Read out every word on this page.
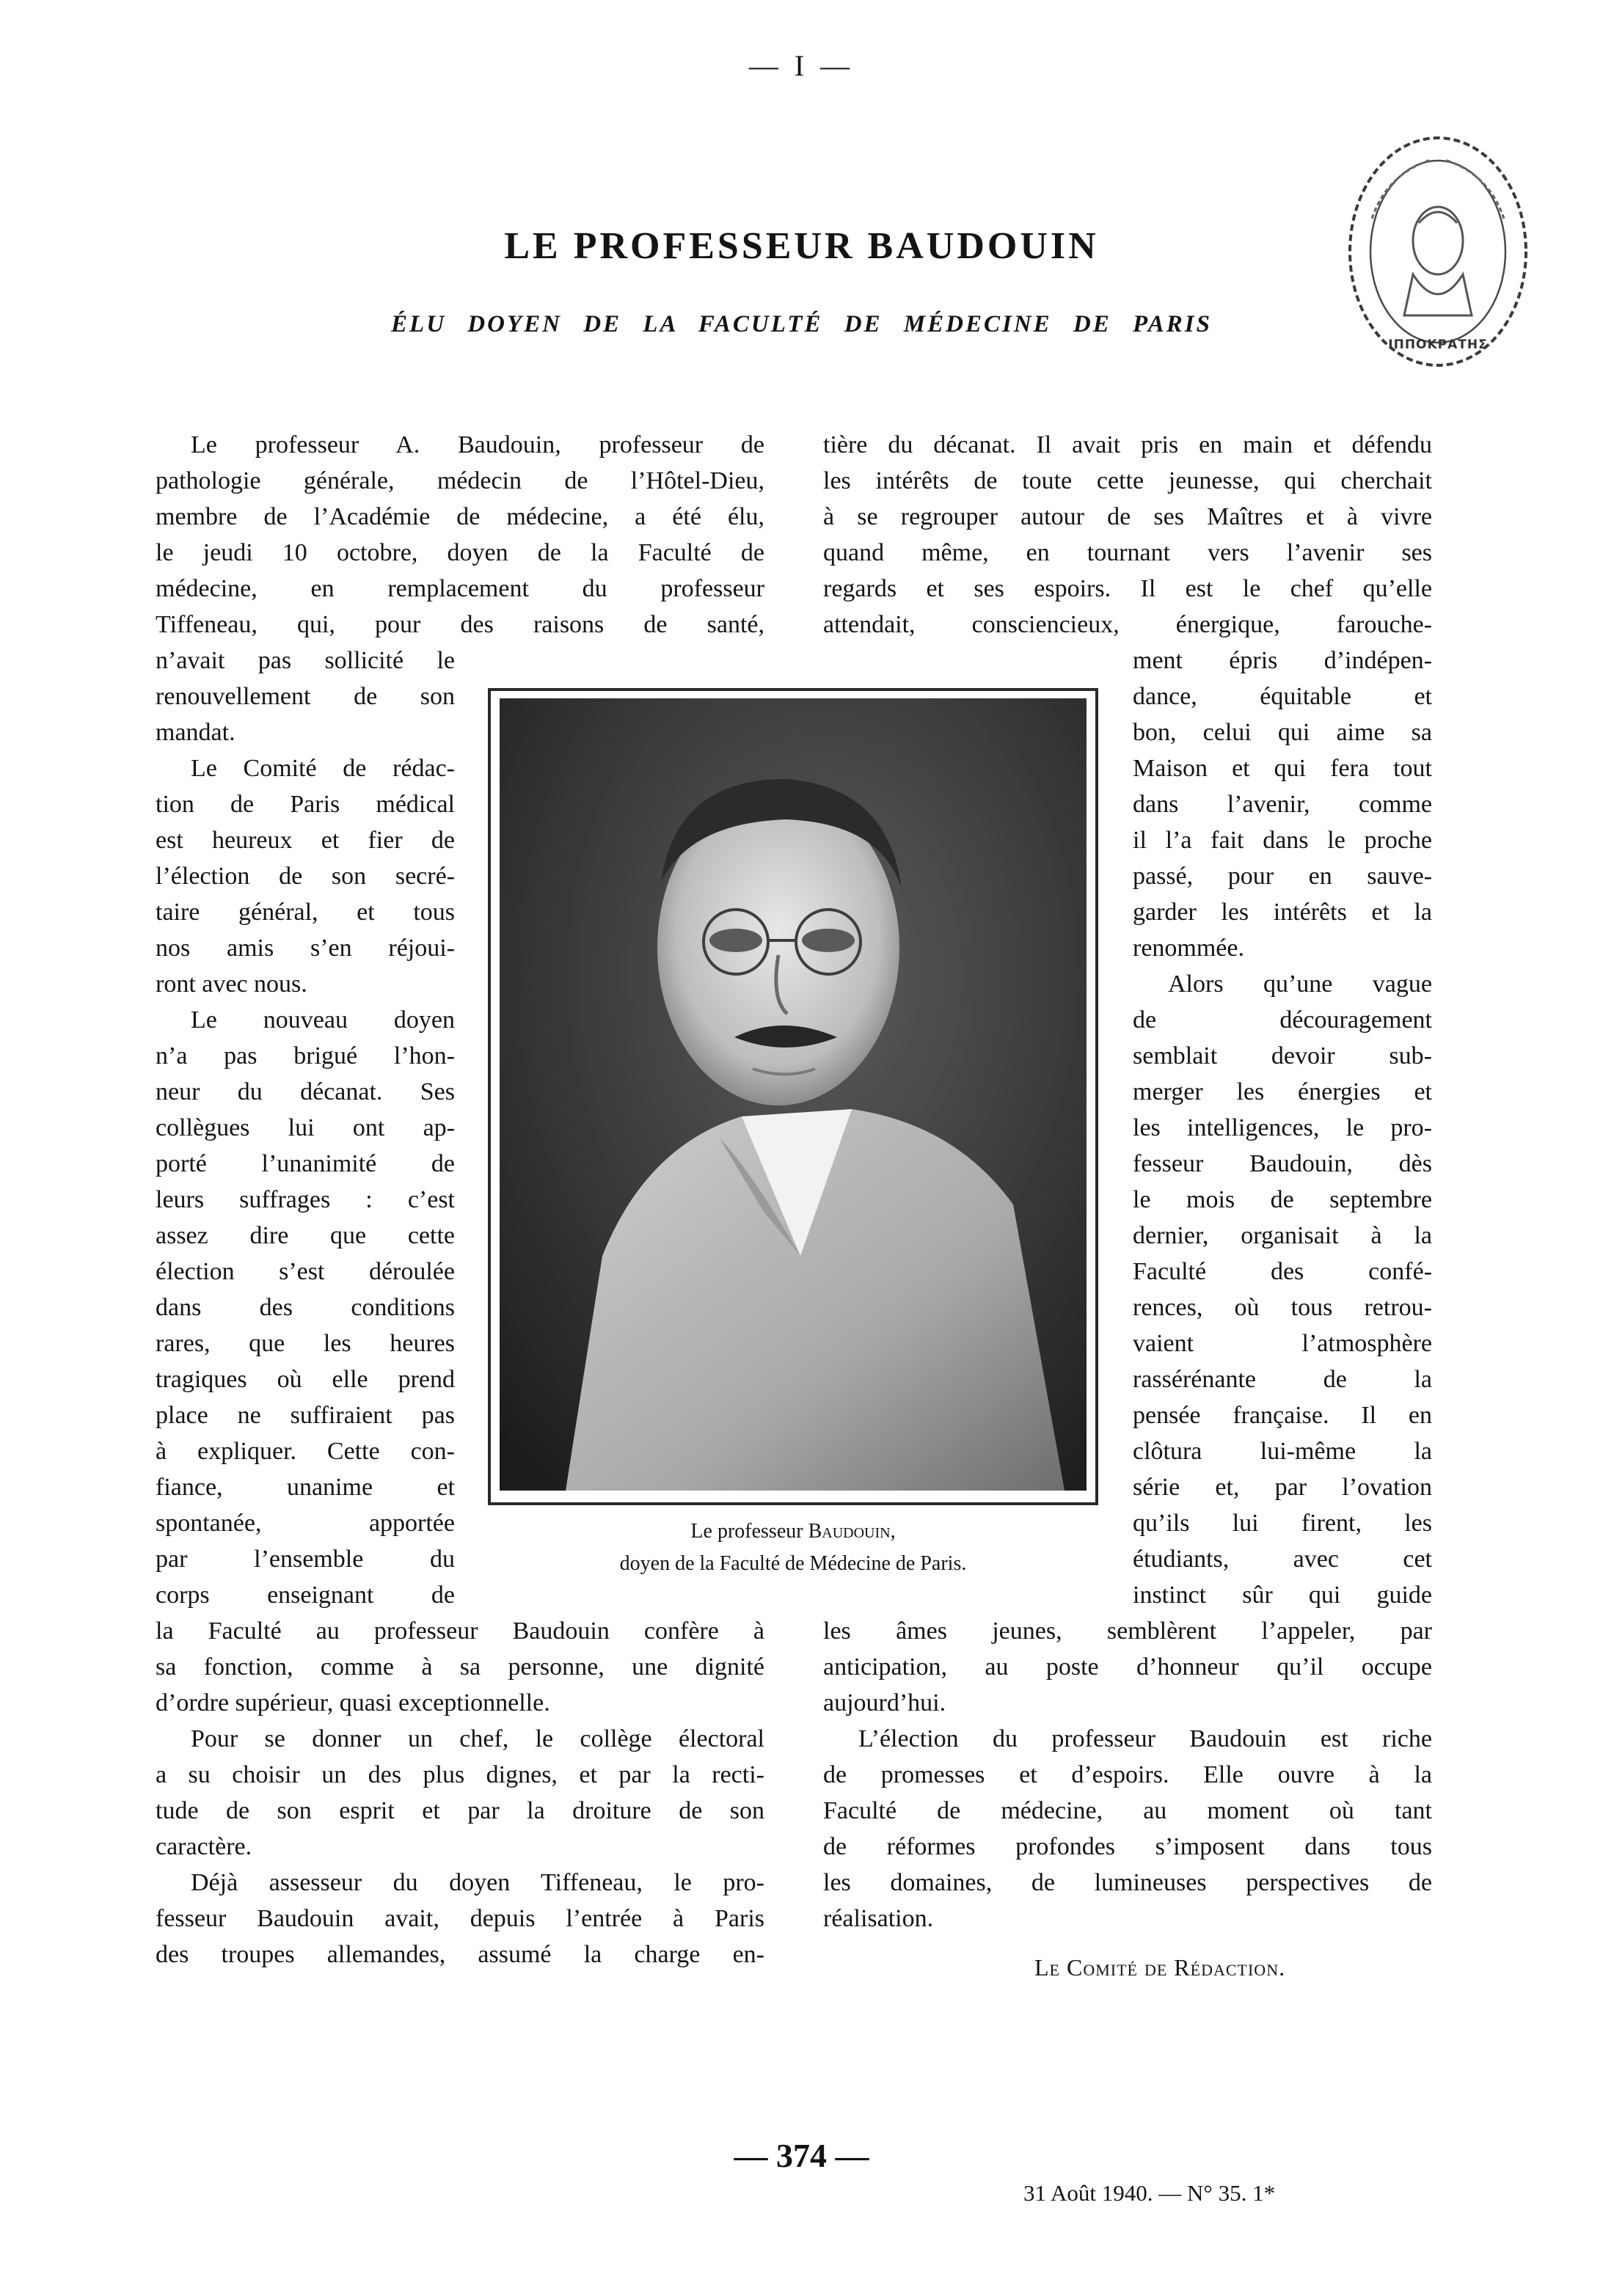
— I —
ΙΠΠΟΚΡΑΤΗΣ
LE PROFESSEUR BAUDOUIN
ÉLU DOYEN DE LA FACULTÉ DE MÉDECINE DE PARIS
Le professeur A. Baudouin, professeur de
pathologie générale, médecin de l’Hôtel-Dieu,
membre de l’Académie de médecine, a été élu,
le jeudi 10 octobre, doyen de la Faculté de
médecine, en remplacement du professeur
Tiffeneau, qui, pour des raisons de santé,
n’avait pas sollicité le
renouvellement de son
mandat.
Le Comité de rédac-
tion de Paris médical
est heureux et fier de
l’élection de son secré-
taire général, et tous
nos amis s’en réjoui-
ront avec nous.
Le nouveau doyen
n’a pas brigué l’hon-
neur du décanat. Ses
collègues lui ont ap-
porté l’unanimité de
leurs suffrages : c’est
assez dire que cette
élection s’est déroulée
dans des conditions
rares, que les heures
tragiques où elle prend
place ne suffiraient pas
à expliquer. Cette con-
fiance, unanime et
spontanée, apportée
par l’ensemble du
corps enseignant de
la Faculté au professeur Baudouin confère à
sa fonction, comme à sa personne, une dignité
d’ordre supérieur, quasi exceptionnelle.
Pour se donner un chef, le collège électoral
a su choisir un des plus dignes, et par la recti-
tude de son esprit et par la droiture de son
caractère.
Déjà assesseur du doyen Tiffeneau, le pro-
fesseur Baudouin avait, depuis l’entrée à Paris
des troupes allemandes, assumé la charge en-
tière du décanat. Il avait pris en main et défendu
les intérêts de toute cette jeunesse, qui cherchait
à se regrouper autour de ses Maîtres et à vivre
quand même, en tournant vers l’avenir ses
regards et ses espoirs. Il est le chef qu’elle
attendait, consciencieux, énergique, farouche-
ment épris d’indépen-
dance, équitable et
bon, celui qui aime sa
Maison et qui fera tout
dans l’avenir, comme
il l’a fait dans le proche
passé, pour en sauve-
garder les intérêts et la
renommée.
Alors qu’une vague
de découragement
semblait devoir sub-
merger les énergies et
les intelligences, le pro-
fesseur Baudouin, dès
le mois de septembre
dernier, organisait à la
Faculté des confé-
rences, où tous retrou-
vaient l’atmosphère
rassérénante de la
pensée française. Il en
clôtura lui-même la
série et, par l’ovation
qu’ils lui firent, les
étudiants, avec cet
instinct sûr qui guide
les âmes jeunes, semblèrent l’appeler, par
anticipation, au poste d’honneur qu’il occupe
aujourd’hui.
L’élection du professeur Baudouin est riche
de promesses et d’espoirs. Elle ouvre à la
Faculté de médecine, au moment où tant
de réformes profondes s’imposent dans tous
les domaines, de lumineuses perspectives de
réalisation.
Le Comité de Rédaction.
Le professeur Baudouin,
doyen de la Faculté de Médecine de Paris.
— 374 —
31 Août 1940. — N° 35. 1*
